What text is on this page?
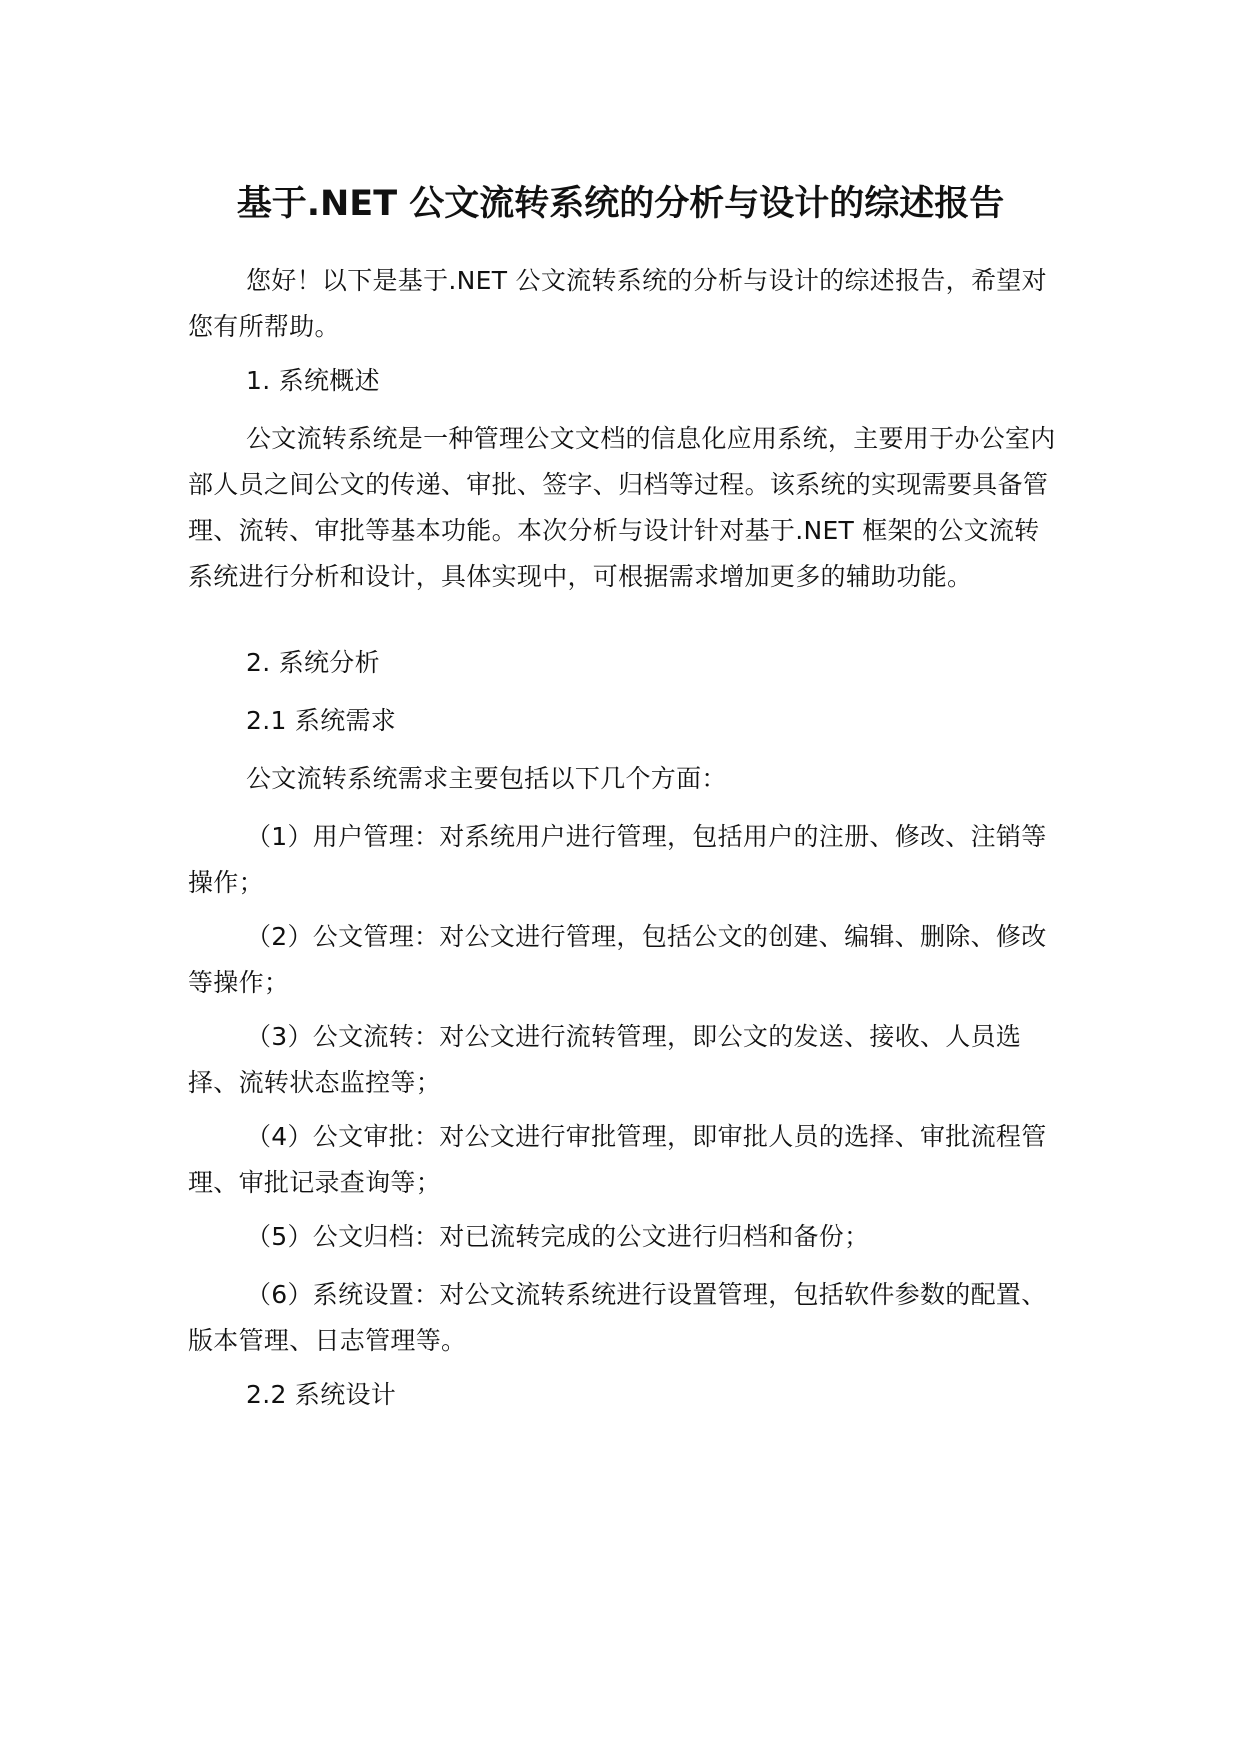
基于.NET 公文流转系统的分析与设计的综述报告

您好！以下是基于.NET 公文流转系统的分析与设计的综述报告，希望对您有所帮助。

1. 系统概述

公文流转系统是一种管理公文文档的信息化应用系统，主要用于办公室内部人员之间公文的传递、审批、签字、归档等过程。该系统的实现需要具备管理、流转、审批等基本功能。本次分析与设计针对基于.NET 框架的公文流转系统进行分析和设计，具体实现中，可根据需求增加更多的辅助功能。

2. 系统分析

2.1 系统需求

公文流转系统需求主要包括以下几个方面：

（1）用户管理：对系统用户进行管理，包括用户的注册、修改、注销等操作；

（2）公文管理：对公文进行管理，包括公文的创建、编辑、删除、修改等操作；

（3）公文流转：对公文进行流转管理，即公文的发送、接收、人员选择、流转状态监控等；

（4）公文审批：对公文进行审批管理，即审批人员的选择、审批流程管理、审批记录查询等；

（5）公文归档：对已流转完成的公文进行归档和备份；

（6）系统设置：对公文流转系统进行设置管理，包括软件参数的配置、版本管理、日志管理等。

2.2 系统设计
